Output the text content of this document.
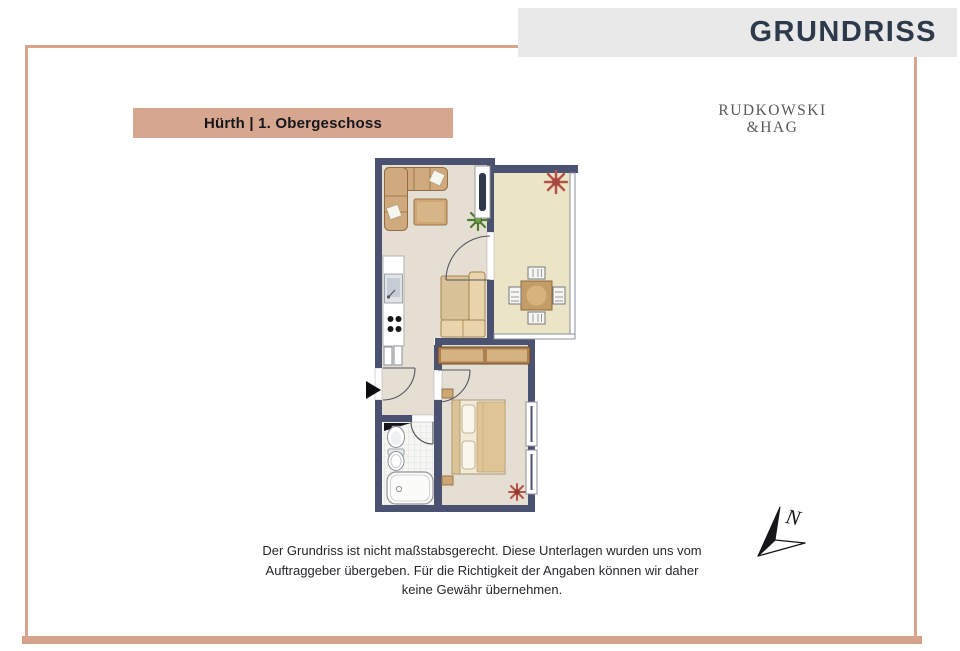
GRUNDRISS
Hürth | 1. Obergeschoss
RUDKOWSKI
&HAG
Der Grundriss ist nicht maßstabsgerecht. Diese Unterlagen wurden uns vom
Auftraggeber übergeben. Für die Richtigkeit der Angaben können wir daher
keine Gewähr übernehmen.
N
